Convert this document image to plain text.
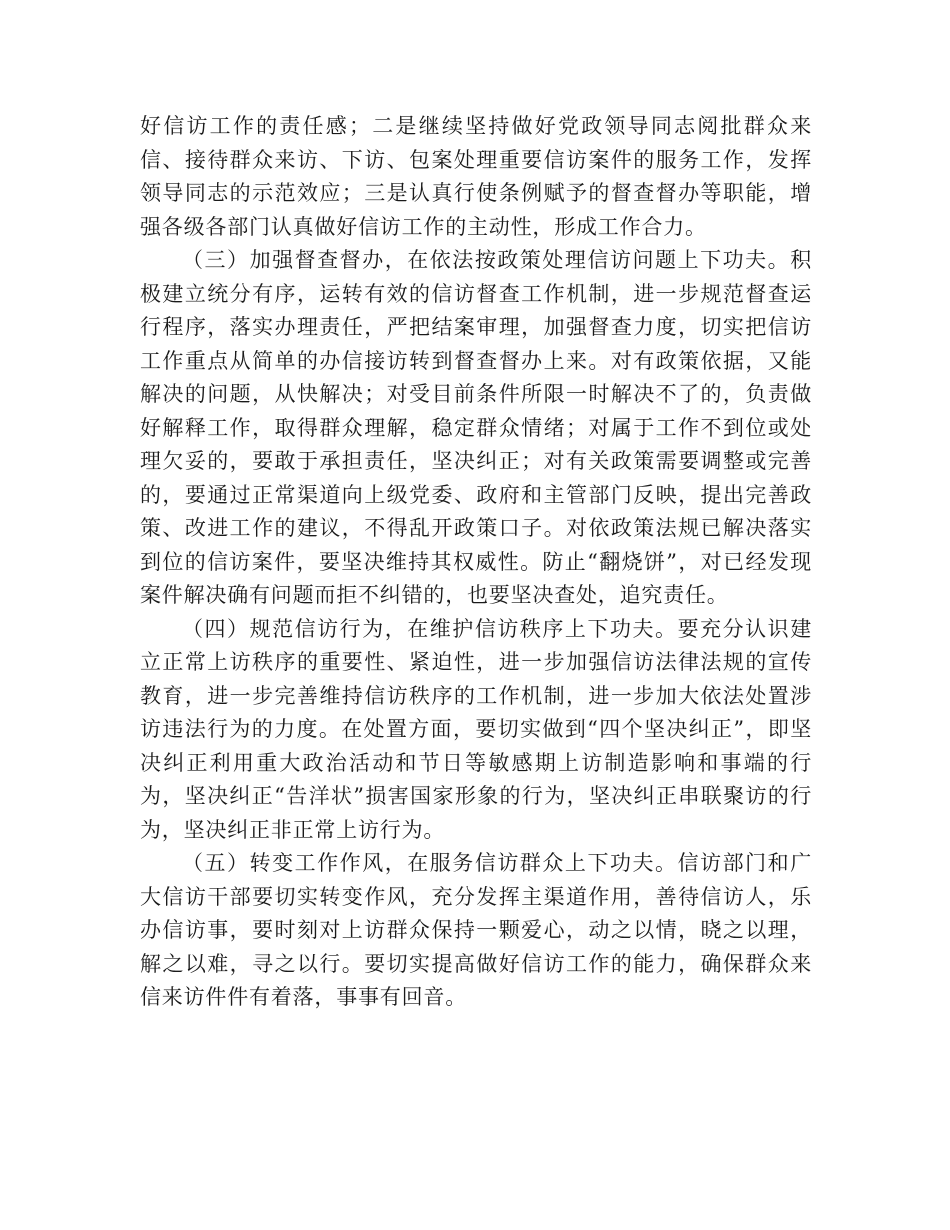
好信访工作的责任感；二是继续坚持做好党政领导同志阅批群众来信、接待群众来访、下访、包案处理重要信访案件的服务工作，发挥领导同志的示范效应；三是认真行使条例赋予的督查督办等职能，增强各级各部门认真做好信访工作的主动性，形成工作合力。

（三）加强督查督办，在依法按政策处理信访问题上下功夫。积极建立统分有序，运转有效的信访督查工作机制，进一步规范督查运行程序，落实办理责任，严把结案审理，加强督查力度，切实把信访工作重点从简单的办信接访转到督查督办上来。对有政策依据，又能解决的问题，从快解决；对受目前条件所限一时解决不了的，负责做好解释工作，取得群众理解，稳定群众情绪；对属于工作不到位或处理欠妥的，要敢于承担责任，坚决纠正；对有关政策需要调整或完善的，要通过正常渠道向上级党委、政府和主管部门反映，提出完善政策、改进工作的建议，不得乱开政策口子。对依政策法规已解决落实到位的信访案件，要坚决维持其权威性。防止“翻烧饼”，对已经发现案件解决确有问题而拒不纠错的，也要坚决查处，追究责任。

（四）规范信访行为，在维护信访秩序上下功夫。要充分认识建立正常上访秩序的重要性、紧迫性，进一步加强信访法律法规的宣传教育，进一步完善维持信访秩序的工作机制，进一步加大依法处置涉访违法行为的力度。在处置方面，要切实做到“四个坚决纠正”，即坚决纠正利用重大政治活动和节日等敏感期上访制造影响和事端的行为，坚决纠正“告洋状”损害国家形象的行为，坚决纠正串联聚访的行为，坚决纠正非正常上访行为。

（五）转变工作作风，在服务信访群众上下功夫。信访部门和广大信访干部要切实转变作风，充分发挥主渠道作用，善待信访人，乐办信访事，要时刻对上访群众保持一颗爱心，动之以情，晓之以理，解之以难，寻之以行。要切实提高做好信访工作的能力，确保群众来信来访件件有着落，事事有回音。
